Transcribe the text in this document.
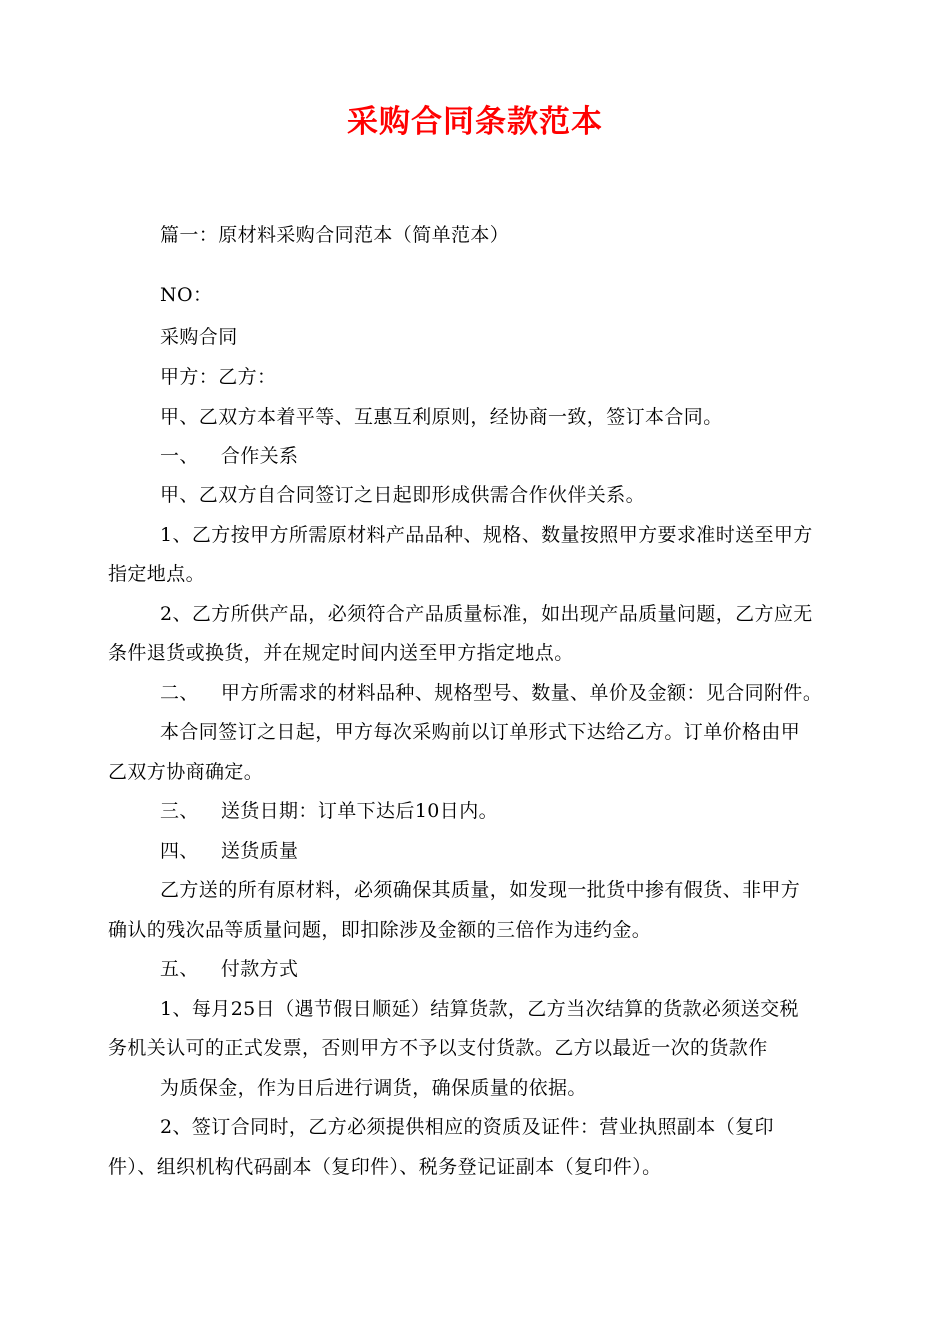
采购合同条款范本
篇一：原材料采购合同范本（简单范本）
NO：
采购合同
甲方：乙方：
甲、乙双方本着平等、互惠互利原则，经协商一致，签订本合同。
一、 合作关系
甲、乙双方自合同签订之日起即形成供需合作伙伴关系。
1、乙方按甲方所需原材料产品品种、规格、数量按照甲方要求准时送至甲方
指定地点。
2、乙方所供产品，必须符合产品质量标准，如出现产品质量问题，乙方应无
条件退货或换货，并在规定时间内送至甲方指定地点。
二、 甲方所需求的材料品种、规格型号、数量、单价及金额：见合同附件。
本合同签订之日起，甲方每次采购前以订单形式下达给乙方。订单价格由甲
乙双方协商确定。
三、 送货日期：订单下达后10日内。
四、 送货质量
乙方送的所有原材料，必须确保其质量，如发现一批货中掺有假货、非甲方
确认的残次品等质量问题，即扣除涉及金额的三倍作为违约金。
五、 付款方式
1、每月25日（遇节假日顺延）结算货款，乙方当次结算的货款必须送交税
务机关认可的正式发票，否则甲方不予以支付货款。乙方以最近一次的货款作
为质保金，作为日后进行调货，确保质量的依据。
2、签订合同时，乙方必须提供相应的资质及证件：营业执照副本（复印
件）、组织机构代码副本（复印件）、税务登记证副本（复印件）。
